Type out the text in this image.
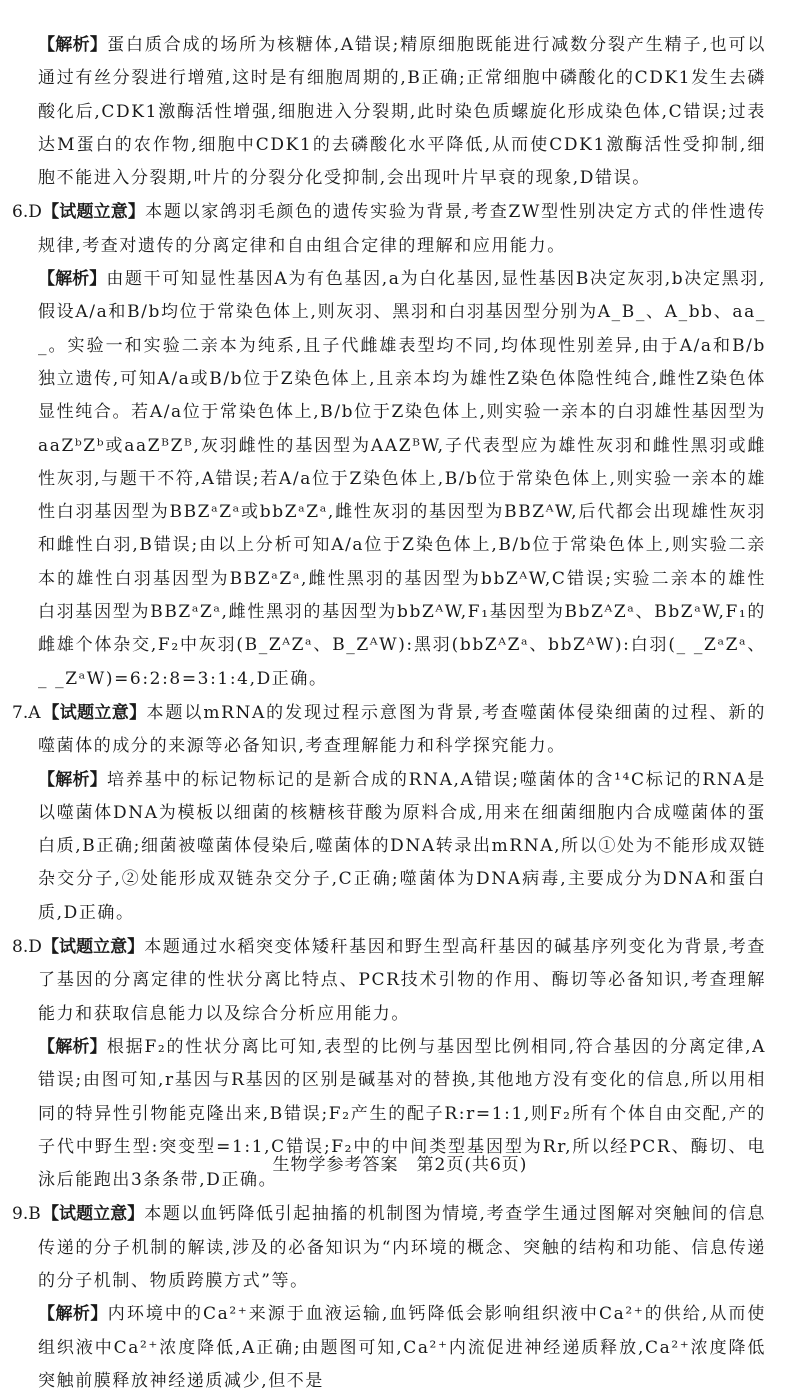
【解析】蛋白质合成的场所为核糖体,A错误;精原细胞既能进行减数分裂产生精子,也可以通过有丝分裂进行增殖,这时是有细胞周期的,B正确;正常细胞中磷酸化的CDK1发生去磷酸化后,CDK1激酶活性增强,细胞进入分裂期,此时染色质螺旋化形成染色体,C错误;过表达M蛋白的农作物,细胞中CDK1的去磷酸化水平降低,从而使CDK1激酶活性受抑制,细胞不能进入分裂期,叶片的分裂分化受抑制,会出现叶片早衰的现象,D错误。

6.D【试题立意】本题以家鸽羽毛颜色的遗传实验为背景,考查ZW型性别决定方式的伴性遗传规律,考查对遗传的分离定律和自由组合定律的理解和应用能力。

【解析】由题干可知显性基因A为有色基因,a为白化基因,显性基因B决定灰羽,b决定黑羽,假设A/a和B/b均位于常染色体上,则灰羽、黑羽和白羽基因型分别为A_B_、A_bb、aa_ _。实验一和实验二亲本为纯系,且子代雌雄表型均不同,均体现性别差异,由于A/a和B/b独立遗传,可知A/a或B/b位于Z染色体上,且亲本均为雄性Z染色体隐性纯合,雌性Z染色体显性纯合。若A/a位于常染色体上,B/b位于Z染色体上,则实验一亲本的白羽雄性基因型为aaZᵇZᵇ或aaZᴮZᴮ,灰羽雌性的基因型为AAZᴮW,子代表型应为雄性灰羽和雌性黑羽或雌性灰羽,与题干不符,A错误;若A/a位于Z染色体上,B/b位于常染色体上,则实验一亲本的雄性白羽基因型为BBZᵃZᵃ或bbZᵃZᵃ,雌性灰羽的基因型为BBZᴬW,后代都会出现雄性灰羽和雌性白羽,B错误;由以上分析可知A/a位于Z染色体上,B/b位于常染色体上,则实验二亲本的雄性白羽基因型为BBZᵃZᵃ,雌性黑羽的基因型为bbZᴬW,C错误;实验二亲本的雄性白羽基因型为BBZᵃZᵃ,雌性黑羽的基因型为bbZᴬW,F₁基因型为BbZᴬZᵃ、BbZᵃW,F₁的雌雄个体杂交,F₂中灰羽(B_ZᴬZᵃ、B_ZᴬW):黑羽(bbZᴬZᵃ、bbZᴬW):白羽(_ _ZᵃZᵃ、_ _ZᵃW)=6:2:8=3:1:4,D正确。

7.A【试题立意】本题以mRNA的发现过程示意图为背景,考查噬菌体侵染细菌的过程、新的噬菌体的成分的来源等必备知识,考查理解能力和科学探究能力。

【解析】培养基中的标记物标记的是新合成的RNA,A错误;噬菌体的含¹⁴C标记的RNA是以噬菌体DNA为模板以细菌的核糖核苷酸为原料合成,用来在细菌细胞内合成噬菌体的蛋白质,B正确;细菌被噬菌体侵染后,噬菌体的DNA转录出mRNA,所以①处为不能形成双链杂交分子,②处能形成双链杂交分子,C正确;噬菌体为DNA病毒,主要成分为DNA和蛋白质,D正确。

8.D【试题立意】本题通过水稻突变体矮秆基因和野生型高秆基因的碱基序列变化为背景,考查了基因的分离定律的性状分离比特点、PCR技术引物的作用、酶切等必备知识,考查理解能力和获取信息能力以及综合分析应用能力。

【解析】根据F₂的性状分离比可知,表型的比例与基因型比例相同,符合基因的分离定律,A错误;由图可知,r基因与R基因的区别是碱基对的替换,其他地方没有变化的信息,所以用相同的特异性引物能克隆出来,B错误;F₂产生的配子R:r=1:1,则F₂所有个体自由交配,产的子代中野生型:突变型=1:1,C错误;F₂中的中间类型基因型为Rr,所以经PCR、酶切、电泳后能跑出3条条带,D正确。

9.B【试题立意】本题以血钙降低引起抽搐的机制图为情境,考查学生通过图解对突触间的信息传递的分子机制的解读,涉及的必备知识为“内环境的概念、突触的结构和功能、信息传递的分子机制、物质跨膜方式”等。

【解析】内环境中的Ca²⁺来源于血液运输,血钙降低会影响组织液中Ca²⁺的供给,从而使组织液中Ca²⁺浓度降低,A正确;由题图可知,Ca²⁺内流促进神经递质释放,Ca²⁺浓度降低突触前膜释放神经递质减少,但不是

生物学参考答案　第2页(共6页)
